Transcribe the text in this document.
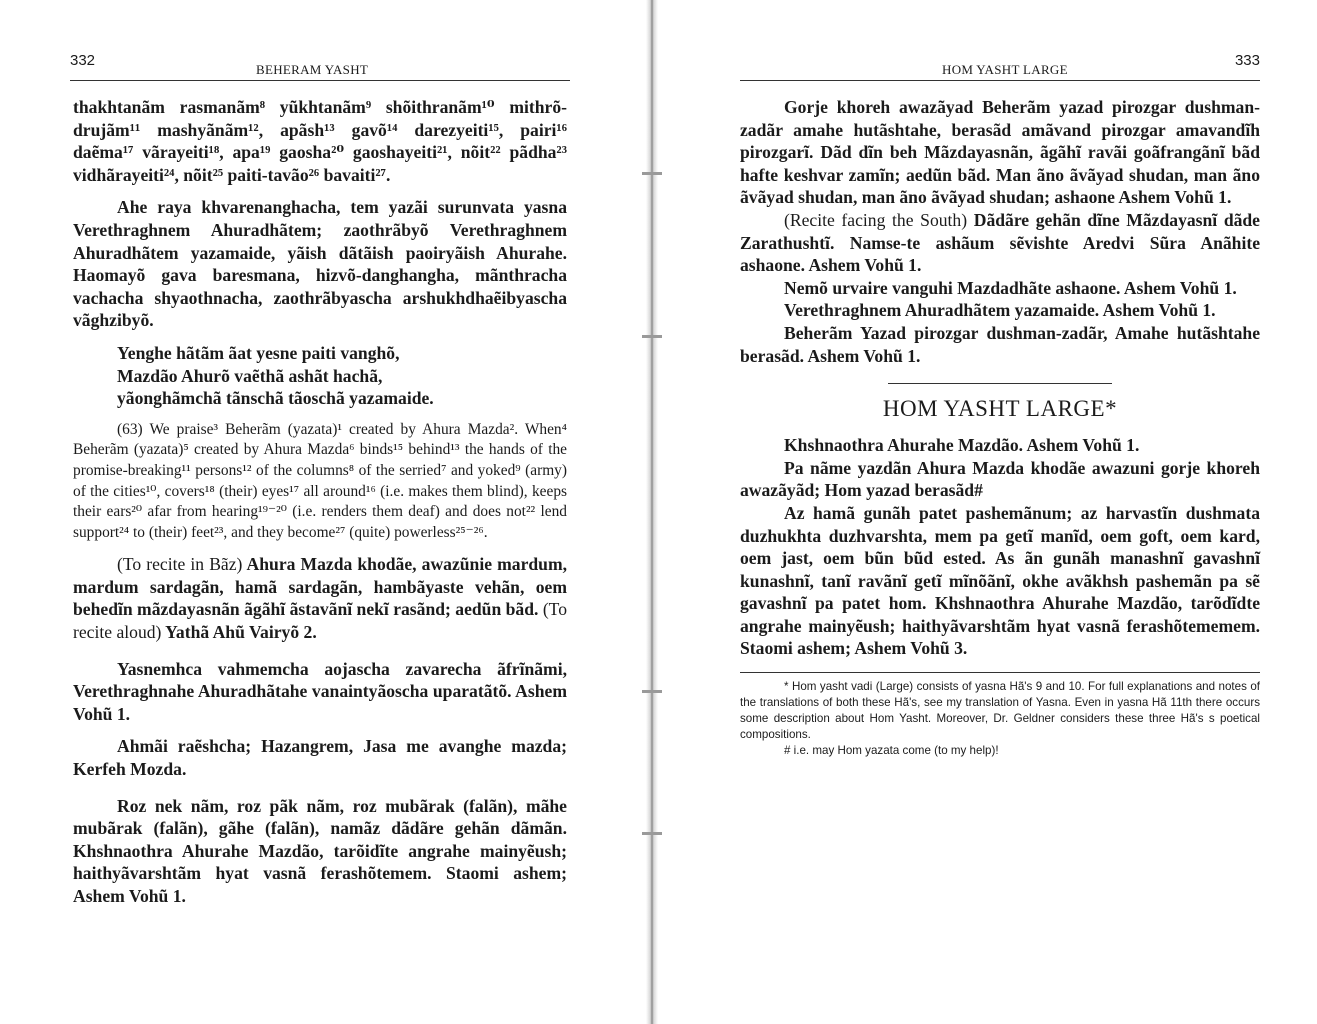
332
BEHERAM YASHT

thakhtanãm rasmanãm⁸ yũkhtanãm⁹ shõithranãm¹⁰ mithrõ-drujãm¹¹ mashyãnãm¹², apãsh¹³ gavõ¹⁴ darezyeiti¹⁵, pairi¹⁶ daẽma¹⁷ vãrayeiti¹⁸, apa¹⁹ gaosha²⁰ gaoshayeiti²¹, nõit²² pãdha²³ vidhãrayeiti²⁴, nõit²⁵ paiti-tavão²⁶ bavaiti²⁷.

Ahe raya khvarenanghacha, tem yazãi surunvata yasna Verethraghnem Ahuradhãtem; zaothrãbyõ Verethraghnem Ahuradhãtem yazamaide, yãish dãtãish paoiryãish Ahurahe. Haomayõ gava baresmana, hizvõ-danghangha, mãnthracha vachacha shyaothnacha, zaothrãbyascha arshukhdhaẽibyascha vãghzibyõ.

Yenghe hãtãm ãat yesne paiti vanghõ,

Mazdão Ahurõ vaẽthã ashãt hachã,

yãonghãmchã tãnschã tãoschã yazamaide.

(63) We praise³ Beherãm (yazata)¹ created by Ahura Mazda². When⁴ Beherãm (yazata)⁵ created by Ahura Mazda⁶ binds¹⁵ behind¹³ the hands of the promise-breaking¹¹ persons¹² of the columns⁸ of the serried⁷ and yoked⁹ (army) of the cities¹⁰, covers¹⁸ (their) eyes¹⁷ all around¹⁶ (i.e. makes them blind), keeps their ears²⁰ afar from hearing¹⁹⁻²⁰ (i.e. renders them deaf) and does not²² lend support²⁴ to (their) feet²³, and they become²⁷ (quite) powerless²⁵⁻²⁶.

(To recite in Bãz) Ahura Mazda khodãe, awazũnie mardum, mardum sardagãn, hamã sardagãn, hambãyaste vehãn, oem behedĩn mãzdayasnãn ãgãhĩ ãstavãnĩ nekĩ rasãnd; aedũn bãd. (To recite aloud) Yathã Ahũ Vairyõ 2.

Yasnemhca vahmemcha aojascha zavarecha ãfrĩnãmi, Verethraghnahe Ahuradhãtahe vanaintyãoscha uparatãtõ. Ashem Vohũ 1.

Ahmãi raẽshcha; Hazangrem, Jasa me avanghe mazda; Kerfeh Mozda.

Roz nek nãm, roz pãk nãm, roz mubãrak (falãn), mãhe mubãrak (falãn), gãhe (falãn), namãz dãdãre gehãn dãmãn. Khshnaothra Ahurahe Mazdão, tarõidĩte angrahe mainyẽush; haithyãvarshtãm hyat vasnã ferashõtemem. Staomi ashem; Ashem Vohũ 1.

HOM YASHT LARGE
333

Gorje khoreh awazãyad Beherãm yazad pirozgar dushman-zadãr amahe hutãshtahe, berasãd amãvand pirozgar amavandĩh pirozgarĩ. Dãd dĩn beh Mãzdayasnãn, ãgãhĩ ravãi goãfrangãnĩ bãd hafte keshvar zamĩn; aedũn bãd. Man ãno ãvãyad shudan, man ãno ãvãyad shudan, man ãno ãvãyad shudan; ashaone Ashem Vohũ 1.

(Recite facing the South) Dãdãre gehãn dĩne Mãzdayasnĩ dãde Zarathushtĩ. Namse-te ashãum sẽvishte Aredvi Sũra Anãhite ashaone. Ashem Vohũ 1.

Nemõ urvaire vanguhi Mazdadhãte ashaone. Ashem Vohũ 1.

Verethraghnem Ahuradhãtem yazamaide. Ashem Vohũ 1.

Beherãm Yazad pirozgar dushman-zadãr, Amahe hutãshtahe berasãd. Ashem Vohũ 1.

HOM YASHT LARGE*

Khshnaothra Ahurahe Mazdão. Ashem Vohũ 1.

Pa nãme yazdãn Ahura Mazda khodãe awazuni gorje khoreh awazãyãd; Hom yazad berasãd#

Az hamã gunãh patet pashemãnum; az harvastĩn dushmata duzhukhta duzhvarshta, mem pa getĩ manĩd, oem goft, oem kard, oem jast, oem bũn bũd ested. As ãn gunãh manashnĩ gavashnĩ kunashnĩ, tanĩ ravãnĩ getĩ mĩnõãnĩ, okhe avãkhsh pashemãn pa sẽ gavashnĩ pa patet hom. Khshnaothra Ahurahe Mazdão, tarõdĩdte angrahe mainyẽush; haithyãvarshtãm hyat vasnã ferashõtememem. Staomi ashem; Ashem Vohũ 3.

* Hom yasht vadi (Large) consists of yasna Hã's 9 and 10. For full explanations and notes of the translations of both these Hã's, see my translation of Yasna. Even in yasna Hã 11th there occurs some description about Hom Yasht. Moreover, Dr. Geldner considers these three Hã's s poetical compositions.

# i.e. may Hom yazata come (to my help)!
